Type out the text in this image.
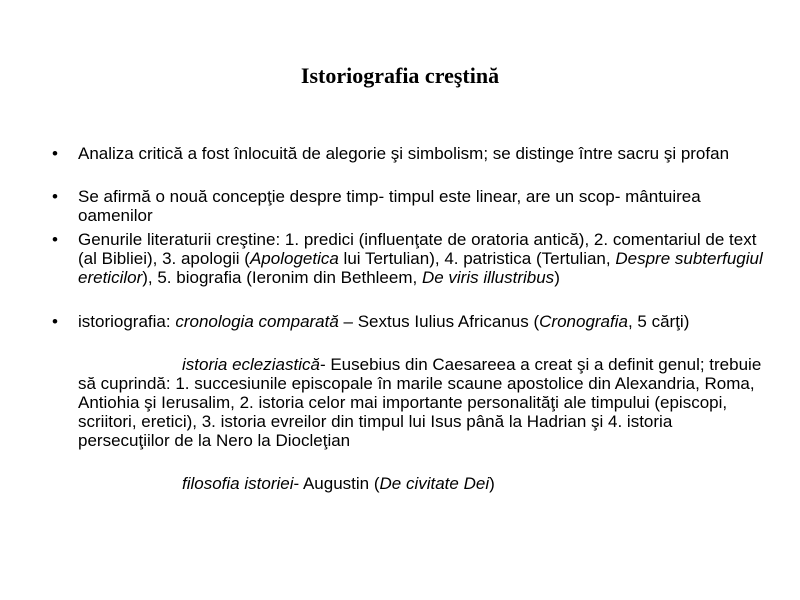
Istoriografia creştină
• Analiza critică a fost înlocuită de alegorie şi simbolism; se distinge între sacru şi profan
• Se afirmă o nouă concepţie despre timp- timpul este linear, are un scop- mântuirea oamenilor
• Genurile literaturii creştine: 1. predici (influenţate de oratoria antică), 2. comentariul de text (al Bibliei), 3. apologii (Apologetica lui Tertulian), 4. patristica (Tertulian, Despre subterfugiul ereticilor), 5. biografia (Ieronim din Bethleem, De viris illustribus)
• istoriografia: cronologia comparată – Sextus Iulius Africanus (Cronografia, 5 cărţi)
istoria ecleziastică- Eusebius din Caesareea a creat şi a definit genul; trebuie să cuprindă: 1. succesiunile episcopale în marile scaune apostolice din Alexandria, Roma, Antiohia şi Ierusalim, 2. istoria celor mai importante personalităţi ale timpului (episcopi, scriitori, eretici), 3. istoria evreilor din timpul lui Isus până la Hadrian şi 4. istoria persecuţiilor de la Nero la Diocleţian
filosofia istoriei- Augustin (De civitate Dei)
